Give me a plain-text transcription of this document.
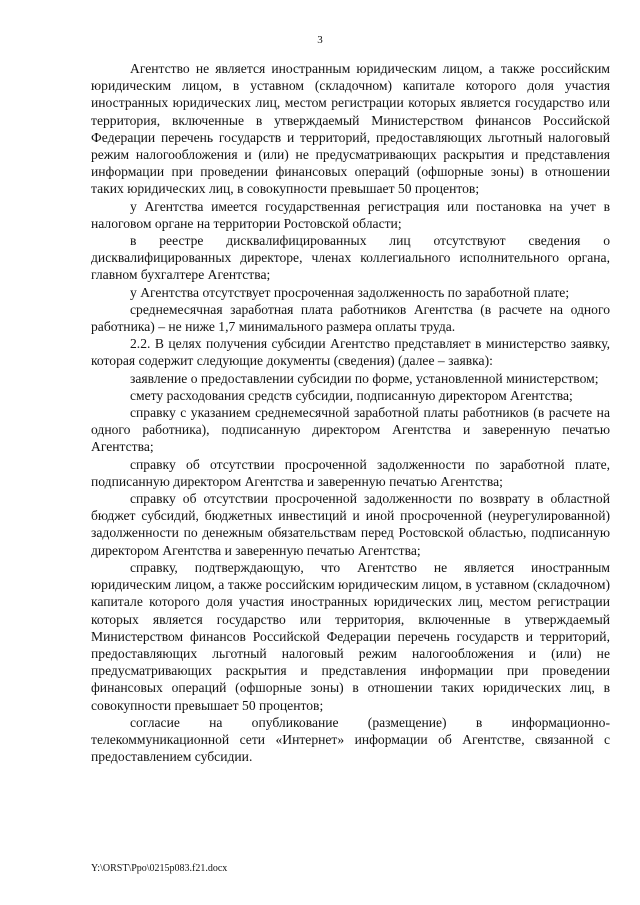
3

Агентство не является иностранным юридическим лицом, а также российским юридическим лицом, в уставном (складочном) капитале которого доля участия иностранных юридических лиц, местом регистрации которых является государство или территория, включенные в утверждаемый Министерством финансов Российской Федерации перечень государств и территорий, предоставляющих льготный налоговый режим налогообложения и (или) не предусматривающих раскрытия и представления информации при проведении финансовых операций (офшорные зоны) в отношении таких юридических лиц, в совокупности превышает 50 процентов;

у Агентства имеется государственная регистрация или постановка на учет в налоговом органе на территории Ростовской области;

в реестре дисквалифицированных лиц отсутствуют сведения о дисквалифицированных директоре, членах коллегиального исполнительного органа, главном бухгалтере Агентства;

у Агентства отсутствует просроченная задолженность по заработной плате;

среднемесячная заработная плата работников Агентства (в расчете на одного работника) – не ниже 1,7 минимального размера оплаты труда.

2.2. В целях получения субсидии Агентство представляет в министерство заявку, которая содержит следующие документы (сведения) (далее – заявка):

заявление о предоставлении субсидии по форме, установленной министерством;

смету расходования средств субсидии, подписанную директором Агентства;

справку с указанием среднемесячной заработной платы работников (в расчете на одного работника), подписанную директором Агентства и заверенную печатью Агентства;

справку об отсутствии просроченной задолженности по заработной плате, подписанную директором Агентства и заверенную печатью Агентства;

справку об отсутствии просроченной задолженности по возврату в областной бюджет субсидий, бюджетных инвестиций и иной просроченной (неурегулированной) задолженности по денежным обязательствам перед Ростовской областью, подписанную директором Агентства и заверенную печатью Агентства;

справку, подтверждающую, что Агентство не является иностранным юридическим лицом, а также российским юридическим лицом, в уставном (складочном) капитале которого доля участия иностранных юридических лиц, местом регистрации которых является государство или территория, включенные в утверждаемый Министерством финансов Российской Федерации перечень государств и территорий, предоставляющих льготный налоговый режим налогообложения и (или) не предусматривающих раскрытия и представления информации при проведении финансовых операций (офшорные зоны) в отношении таких юридических лиц, в совокупности превышает 50 процентов;

согласие на опубликование (размещение) в информационно-телекоммуникационной сети «Интернет» информации об Агентстве, связанной с предоставлением субсидии.

Y:\ORST\Ppo\0215p083.f21.docx
